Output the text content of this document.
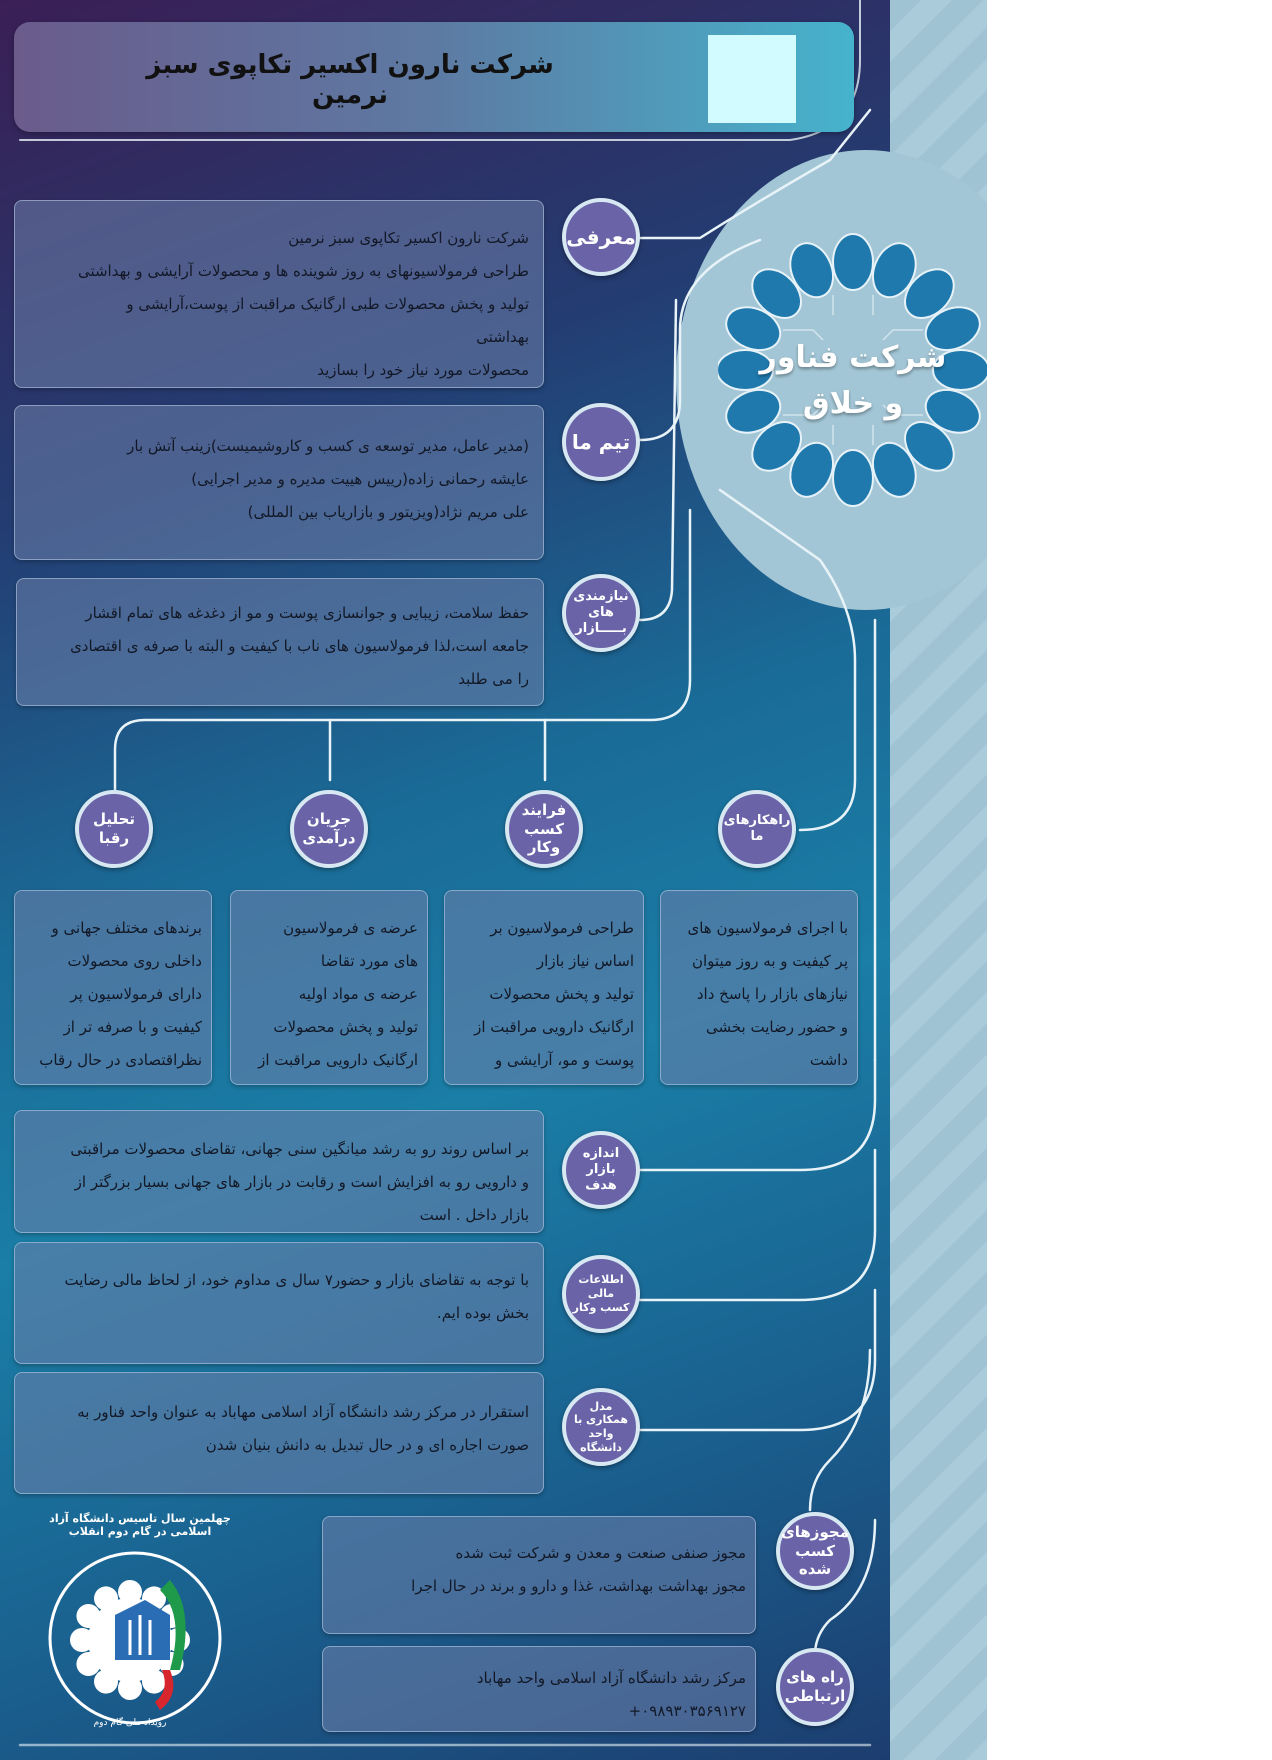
شرکت نارون اکسیر تکاپوی سبز نرمین
شرکت فناور
و خلاق
شرکت نارون اکسیر تکاپوی سبز نرمین
طراحی فرمولاسیونهای به روز شوینده ها و محصولات آرایشی و بهداشتی
تولید و پخش محصولات طبی ارگانیک مراقبت از پوست،آرایشی و
بهداشتی
محصولات مورد نیاز خود را بسازید
معرفی
(مدیر عامل، مدیر توسعه ی کسب و کاروشیمیست)زینب آتش بار
عایشه رحمانی زاده(رییس هییت مدیره و مدیر اجرایی)
علی مریم نژاد(ویزیتور و بازاریاب بین المللی)
تیم ما
حفظ سلامت، زیبایی و جوانسازی پوست و مو از دغدغه های تمام اقشار
جامعه است،لذا فرمولاسیون های ناب با کیفیت و البته با صرفه ی اقتصادی
را می طلبد
نیازمندی های
بـــــازار
تحلیل رقبا
جریان
درآمدی
فرایند
کسب وکار
راهکارهای
ما
برندهای مختلف جهانی و
داخلی روی محصولات
دارای فرمولاسیون پر
کیفیت و با صرفه تر از
نظراقتصادی در حال رقاب
عرضه ی فرمولاسیون
های مورد تقاضا
عرضه ی مواد اولیه
تولید و پخش محصولات
ارگانیک دارویی مراقبت از
طراحی فرمولاسیون بر
اساس نیاز بازار
تولید و پخش محصولات
ارگانیک دارویی مراقبت از
پوست و مو، آرایشی و
با اجرای فرمولاسیون های
پر کیفیت و به روز میتوان
نیازهای بازار را پاسخ داد
و حضور رضایت بخشی
داشت
بر اساس روند رو به رشد میانگین سنی جهانی، تقاضای محصولات مراقبتی
و دارویی رو به افزایش است و رقابت در بازار های جهانی بسیار بزرگتر از
بازار داخل . است
اندازه بازار
هدف
با توجه به تقاضای بازار و حضور۷ سال ی مداوم خود، از لحاظ مالی رضایت
بخش بوده ایم.
اطلاعات مالی
کسب وکار
استقرار در مرکز رشد دانشگاه آزاد اسلامی مهاباد به عنوان واحد فناور به
صورت اجاره ای و در حال تبدیل به دانش بنیان شدن
مدل
همکاری با
واحد دانشگاه
مجوز صنفی صنعت و معدن و شرکت ثبت شده
مجوز بهداشت بهداشت، غذا و دارو و برند در حال اجرا
مجوزهای
کسب شده
مرکز رشد دانشگاه آزاد اسلامی واحد مهاباد
۰۹۸۹۳۰۳۵۶۹۱۲۷+
راه های
ارتباطی
چهلمین سال تاسیس دانشگاه آزاد اسلامی در گام دوم انقلاب
رویداد ملی گام دوم
